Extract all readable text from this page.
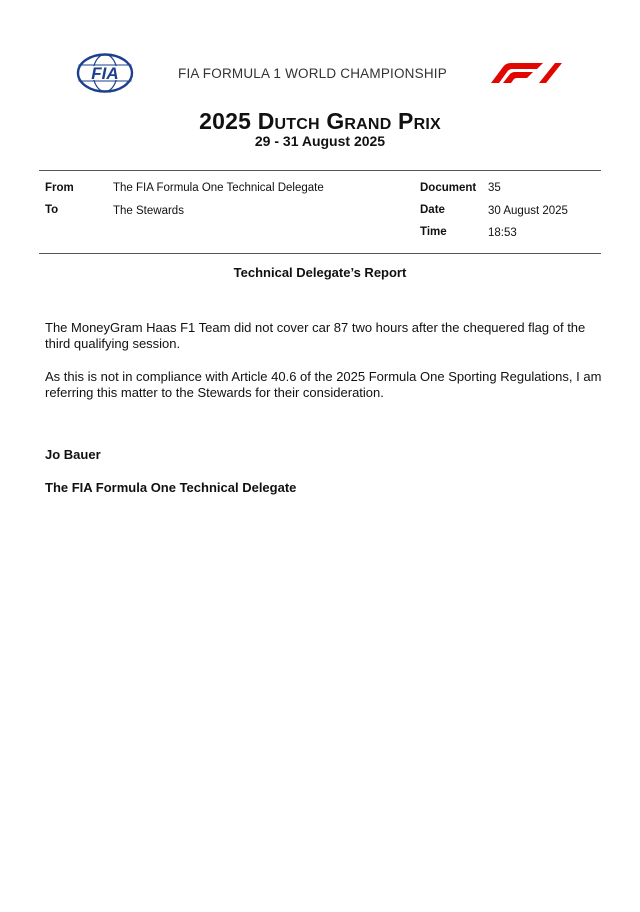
FIA	FIA FORMULA 1 WORLD CHAMPIONSHIP
F1
2025 Dutch Grand Prix
29 - 31 August 2025
From	The FIA Formula One Technical Delegate
To	The Stewards
Document 35
Date	30 August 2025
Time	18:53
Technical Delegate’s Report
The MoneyGram Haas F1 Team did not cover car 87 two hours after the chequered flag of the third qualifying session.
As this is not in compliance with Article 40.6 of the 2025 Formula One Sporting Regulations, I am referring this matter to the Stewards for their consideration.
Jo Bauer
The FIA Formula One Technical Delegate
